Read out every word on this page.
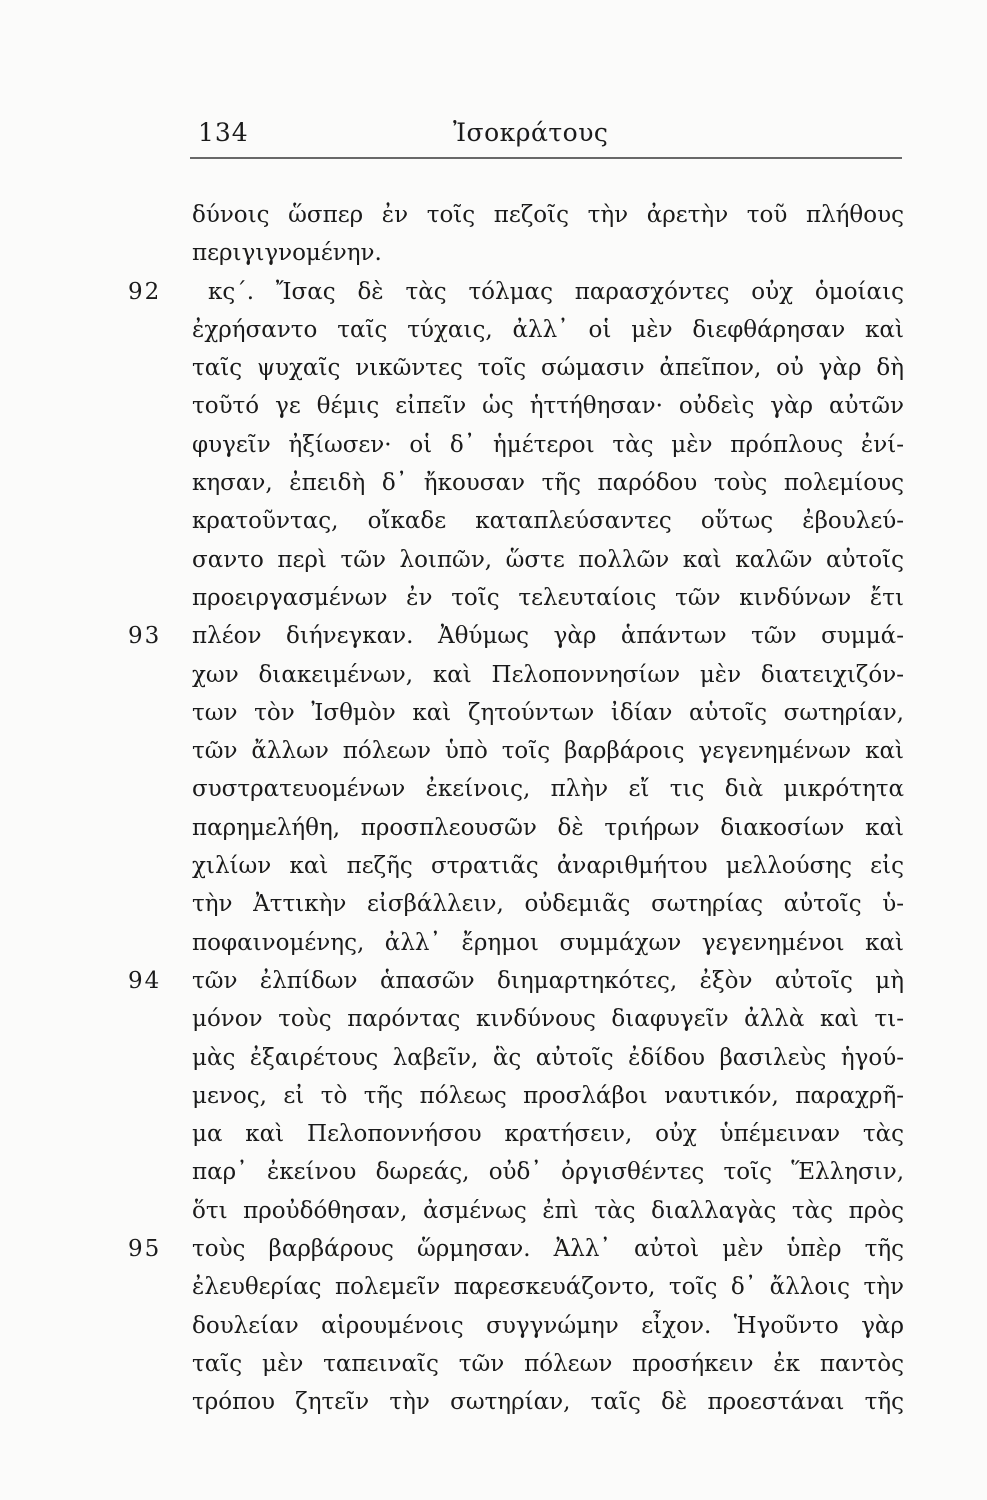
134	Ἰσοκράτους
δύνοις ὥσπερ ἐν τοῖς πεζοῖς τὴν ἀρετὴν τοῦ πλήθους
περιγιγνομένην.
92	κς΄. Ἴσας δὲ τὰς τόλμας παρασχόντες οὐχ ὁμοίαις
ἐχρήσαντο ταῖς τύχαις, ἀλλ᾽ οἱ μὲν διεφθάρησαν καὶ
ταῖς ψυχαῖς νικῶντες τοῖς σώμασιν ἀπεῖπον, οὐ γὰρ δὴ
τοῦτό γε θέμις εἰπεῖν ὡς ἡττήθησαν· οὐδεὶς γὰρ αὐτῶν
φυγεῖν ἠξίωσεν· οἱ δ᾽ ἡμέτεροι τὰς μὲν πρόπλους ἐνί-
κησαν, ἐπειδὴ δ᾽ ἤκουσαν τῆς παρόδου τοὺς πολεμίους
κρατοῦντας, οἴκαδε καταπλεύσαντες οὕτως ἐβουλεύ-
σαντο περὶ τῶν λοιπῶν, ὥστε πολλῶν καὶ καλῶν αὐτοῖς
προειργασμένων ἐν τοῖς τελευταίοις τῶν κινδύνων ἔτι
93	πλέον διήνεγκαν. Ἀθύμως γὰρ ἁπάντων τῶν συμμά-
χων διακειμένων, καὶ Πελοποννησίων μὲν διατειχιζόν-
των τὸν Ἰσθμὸν καὶ ζητούντων ἰδίαν αὑτοῖς σωτηρίαν,
τῶν ἄλλων πόλεων ὑπὸ τοῖς βαρβάροις γεγενημένων καὶ
συστρατευομένων ἐκείνοις, πλὴν εἴ τις διὰ μικρότητα
παρημελήθη, προσπλεουσῶν δὲ τριήρων διακοσίων καὶ
χιλίων καὶ πεζῆς στρατιᾶς ἀναριθμήτου μελλούσης εἰς
τὴν Ἀττικὴν εἰσβάλλειν, οὐδεμιᾶς σωτηρίας αὐτοῖς ὑ-
ποφαινομένης, ἀλλ᾽ ἔρημοι συμμάχων γεγενημένοι καὶ
94	τῶν ἐλπίδων ἁπασῶν διημαρτηκότες, ἐξὸν αὐτοῖς μὴ
μόνον τοὺς παρόντας κινδύνους διαφυγεῖν ἀλλὰ καὶ τι-
μὰς ἐξαιρέτους λαβεῖν, ἃς αὐτοῖς ἐδίδου βασιλεὺς ἡγού-
μενος, εἰ τὸ τῆς πόλεως προσλάβοι ναυτικόν, παραχρῆ-
μα καὶ Πελοποννήσου κρατήσειν, οὐχ ὑπέμειναν τὰς
παρ᾽ ἐκείνου δωρεάς, οὐδ᾽ ὀργισθέντες τοῖς Ἕλλησιν,
ὅτι προὐδόθησαν, ἀσμένως ἐπὶ τὰς διαλλαγὰς τὰς πρὸς
95	τοὺς βαρβάρους ὥρμησαν. Ἀλλ᾽ αὐτοὶ μὲν ὑπὲρ τῆς
ἐλευθερίας πολεμεῖν παρεσκευάζοντο, τοῖς δ᾽ ἄλλοις τὴν
δουλείαν αἱρουμένοις συγγνώμην εἶχον. Ἡγοῦντο γὰρ
ταῖς μὲν ταπειναῖς τῶν πόλεων προσήκειν ἐκ παντὸς
τρόπου ζητεῖν τὴν σωτηρίαν, ταῖς δὲ προεστάναι τῆς
